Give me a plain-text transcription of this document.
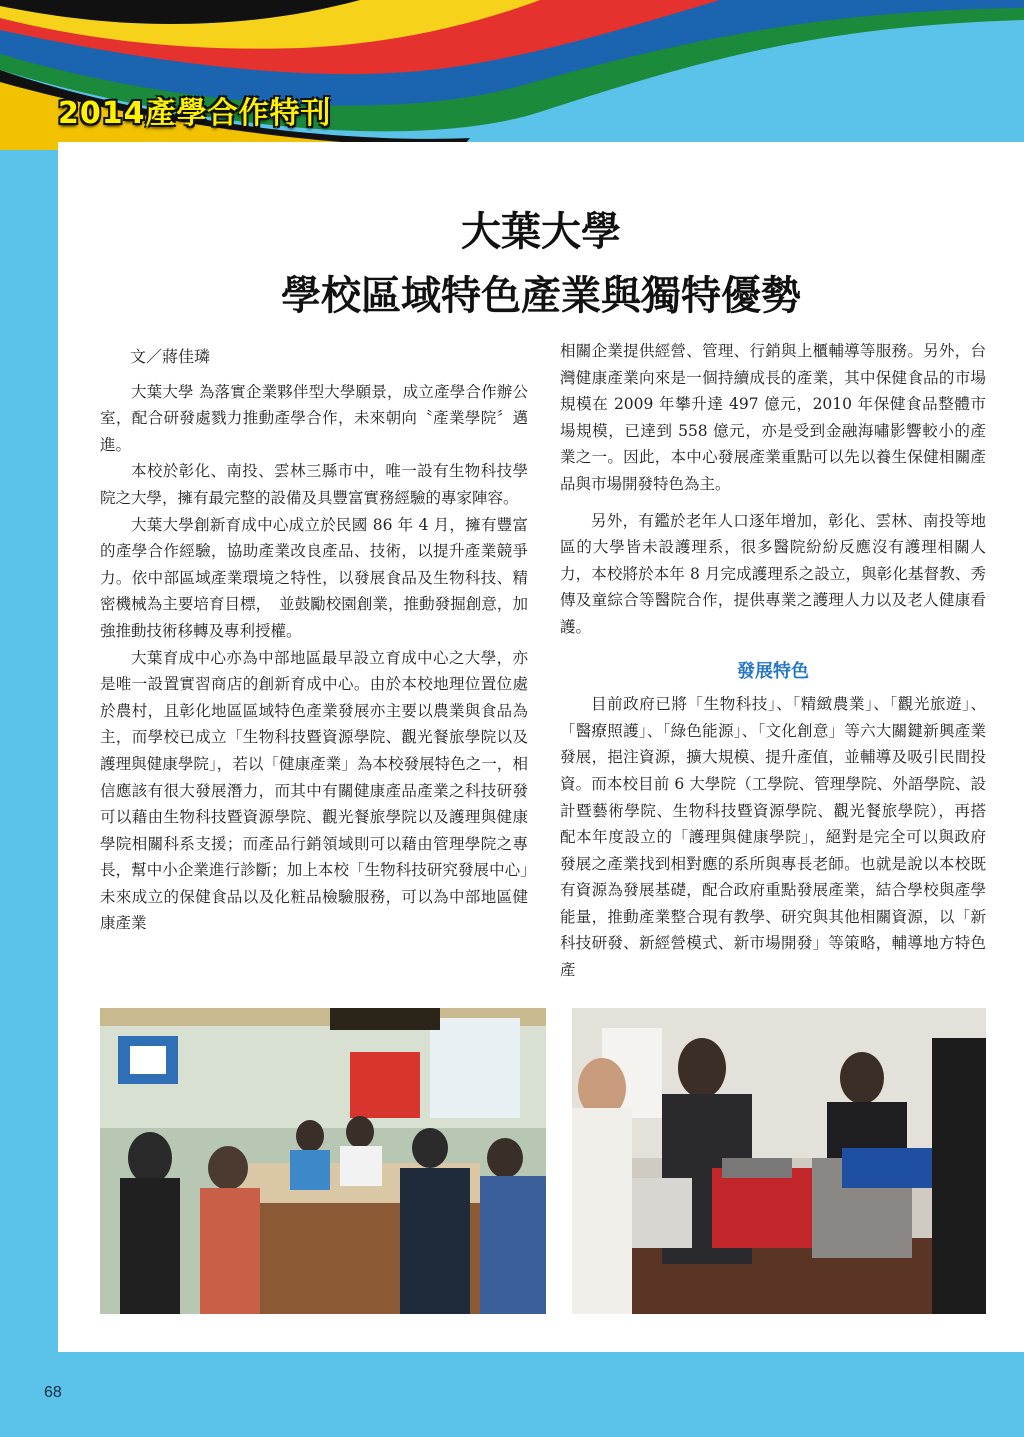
2014產學合作特刊
大葉大學
學校區域特色產業與獨特優勢

文／蔣佳璘

大葉大學 為落實企業夥伴型大學願景，成立產學合作辦公室，配合研發處戮力推動產學合作，未來朝向〝產業學院〞邁進。

本校於彰化、南投、雲林三縣市中，唯一設有生物科技學院之大學，擁有最完整的設備及具豐富實務經驗的專家陣容。

大葉大學創新育成中心成立於民國 86 年 4 月，擁有豐富的產學合作經驗，協助產業改良產品、技術，以提升產業競爭力。依中部區域產業環境之特性，以發展食品及生物科技、精密機械為主要培育目標，　並鼓勵校園創業，推動發掘創意，加強推動技術移轉及專利授權。

大葉育成中心亦為中部地區最早設立育成中心之大學，亦是唯一設置實習商店的創新育成中心。由於本校地理位置位處於農村，且彰化地區區域特色產業發展亦主要以農業與食品為主，而學校已成立「生物科技暨資源學院、觀光餐旅學院以及護理與健康學院」，若以「健康產業」為本校發展特色之一，相信應該有很大發展潛力，而其中有關健康產品產業之科技研發可以藉由生物科技暨資源學院、觀光餐旅學院以及護理與健康學院相關科系支援；而產品行銷領域則可以藉由管理學院之專長，幫中小企業進行診斷；加上本校「生物科技研究發展中心」未來成立的保健食品以及化粧品檢驗服務，可以為中部地區健康產業

相關企業提供經營、管理、行銷與上櫃輔導等服務。另外，台灣健康產業向來是一個持續成長的產業，其中保健食品的市場規模在 2009 年攀升達 497 億元，2010 年保健食品整體市場規模，已達到 558 億元，亦是受到金融海嘯影響較小的產業之一。因此，本中心發展產業重點可以先以養生保健相關產品與市場開發特色為主。

另外，有鑑於老年人口逐年增加，彰化、雲林、南投等地區的大學皆未設護理系，很多醫院紛紛反應沒有護理相關人力，本校將於本年 8 月完成護理系之設立，與彰化基督教、秀傳及童綜合等醫院合作，提供專業之護理人力以及老人健康看護。

發展特色

目前政府已將「生物科技」、「精緻農業」、「觀光旅遊」、「醫療照護」、「綠色能源」、「文化創意」等六大關鍵新興產業發展，挹注資源，擴大規模、提升產值，並輔導及吸引民間投資。而本校目前 6 大學院（工學院、管理學院、外語學院、設計暨藝術學院、生物科技暨資源學院、觀光餐旅學院），再搭配本年度設立的「護理與健康學院」，絕對是完全可以與政府發展之產業找到相對應的系所與專長老師。也就是說以本校既有資源為發展基礎，配合政府重點發展產業，結合學校與產學能量，推動產業整合現有教學、研究與其他相關資源，以「新科技研發、新經營模式、新市場開發」等策略，輔導地方特色產

68
